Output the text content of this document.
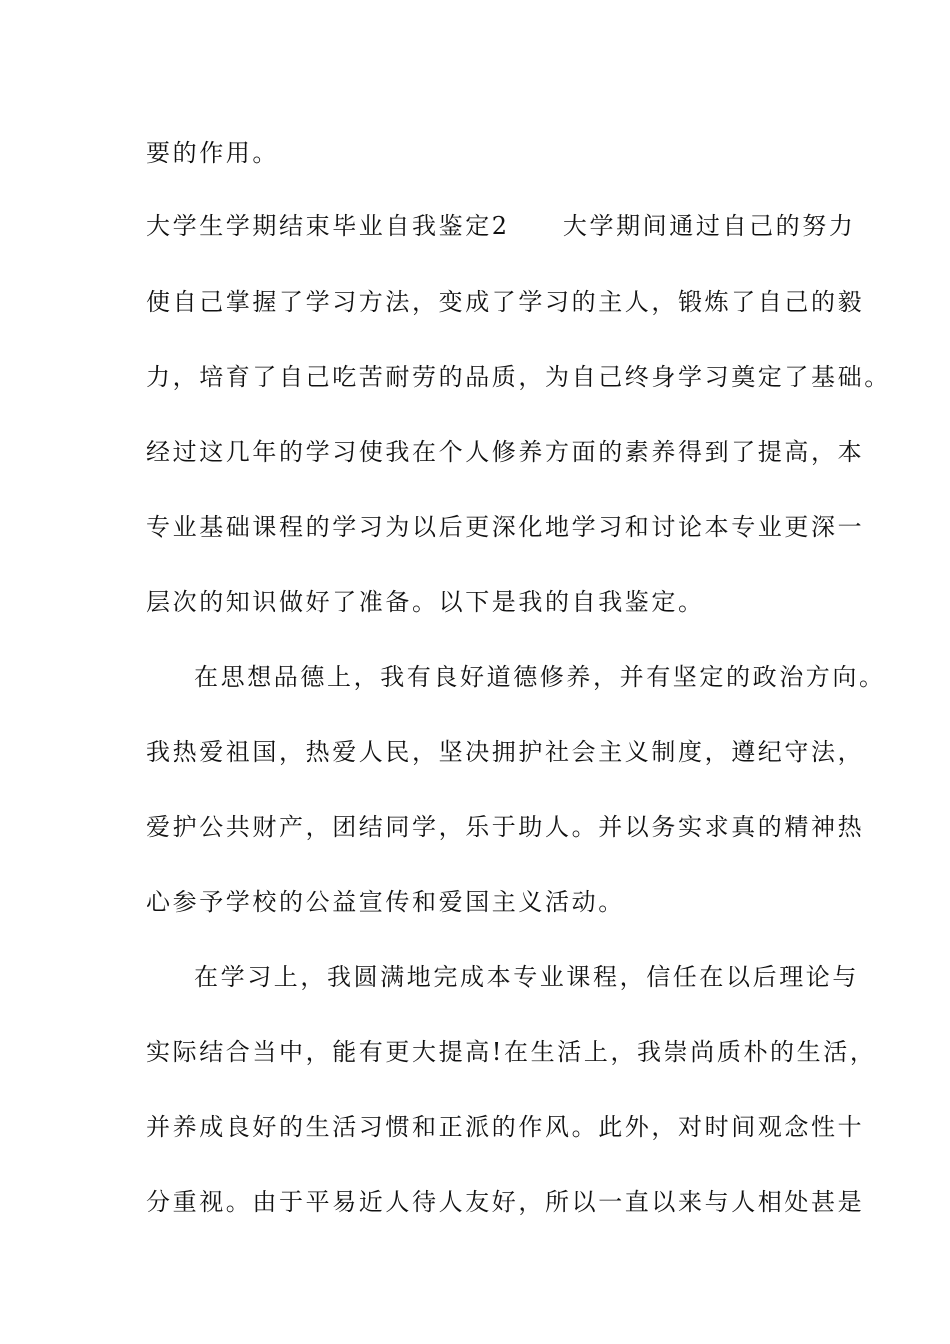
要的作用。
大学生学期结束毕业自我鉴定2　　大学期间通过自己的努力
使自己掌握了学习方法，变成了学习的主人，锻炼了自己的毅
力，培育了自己吃苦耐劳的品质，为自己终身学习奠定了基础。
经过这几年的学习使我在个人修养方面的素养得到了提高，本
专业基础课程的学习为以后更深化地学习和讨论本专业更深一
层次的知识做好了准备。以下是我的自我鉴定。
在思想品德上，我有良好道德修养，并有坚定的政治方向。
我热爱祖国，热爱人民，坚决拥护社会主义制度，遵纪守法，
爱护公共财产，团结同学，乐于助人。并以务实求真的精神热
心参予学校的公益宣传和爱国主义活动。
在学习上，我圆满地完成本专业课程，信任在以后理论与
实际结合当中，能有更大提高!在生活上，我崇尚质朴的生活，
并养成良好的生活习惯和正派的作风。此外，对时间观念性十
分重视。由于平易近人待人友好，所以一直以来与人相处甚是
